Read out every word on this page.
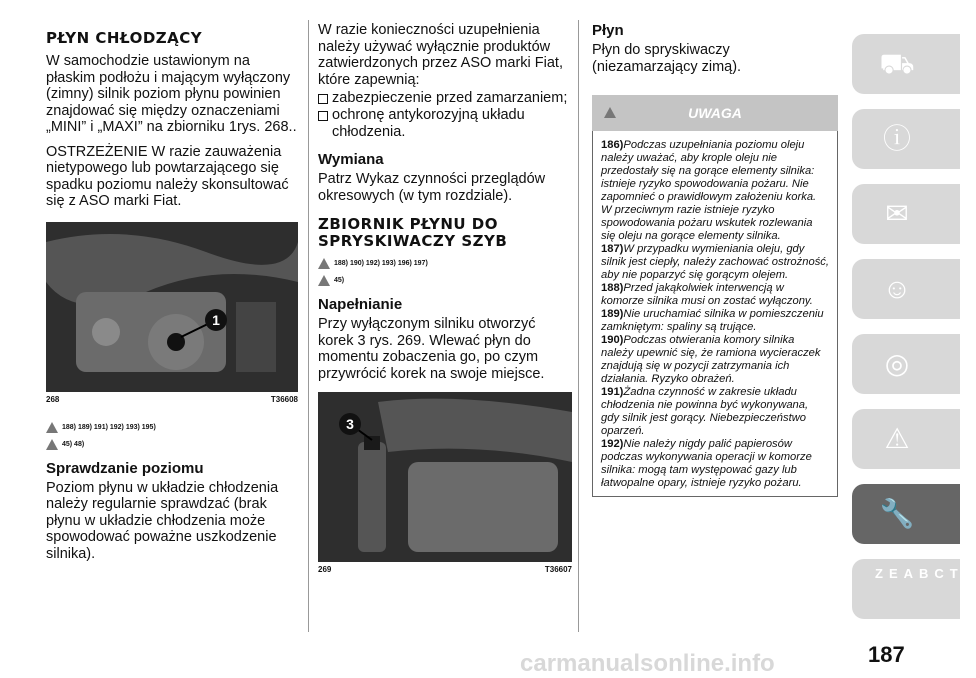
PŁYN CHŁODZĄCY

W samochodzie ustawionym na płaskim podłożu i mającym wyłączony (zimny) silnik poziom płynu powinien znajdować się między oznaczeniami „MINI” i „MAXI” na zbiorniku 1rys. 268..

OSTRZEŻENIE W razie zauważenia nietypowego lub powtarzającego się spadku poziomu należy skonsultować się z ASO marki Fiat.

1
268	T36608
188) 189) 191) 192) 193) 195)
45) 48)
Sprawdzanie poziomu

Poziom płynu w układzie chłodzenia należy regularnie sprawdzać (brak płynu w układzie chłodzenia może spowodować poważne uszkodzenie silnika).

W razie konieczności uzupełnienia należy używać wyłącznie produktów zatwierdzonych przez ASO marki Fiat, które zapewnią:

zabezpieczenie przed zamarzaniem;
ochronę antykorozyjną układu chłodzenia.
Wymiana

Patrz Wykaz czynności przeglądów okresowych (w tym rozdziale).

ZBIORNIK PŁYNU DO SPRYSKIWACZY SZYB
188) 190) 192) 193) 196) 197)
45)
Napełnianie

Przy wyłączonym silniku otworzyć korek 3 rys. 269. Wlewać płyn do momentu zobaczenia go, po czym przywrócić korek na swoje miejsce.

3
269	T36607
Płyn

Płyn do spryskiwaczy (niezamarzający zimą).

UWAGA
186)Podczas uzupełniania poziomu oleju należy uważać, aby krople oleju nie przedostały się na gorące elementy silnika: istnieje ryzyko spowodowania pożaru. Nie zapomnieć o prawidłowym założeniu korka. W przeciwnym razie istnieje ryzyko spowodowania pożaru wskutek rozlewania się oleju na gorące elementy silnika.
187)W przypadku wymieniania oleju, gdy silnik jest ciepły, należy zachować ostrożność, aby nie poparzyć się gorącym olejem.
188)Przed jakąkolwiek interwencją w komorze silnika musi on zostać wyłączony.
189)Nie uruchamiać silnika w pomieszczeniu zamkniętym: spaliny są trujące.
190)Podczas otwierania komory silnika należy upewnić się, że ramiona wycieraczek znajdują się w pozycji zatrzymania ich działania. Ryzyko obrażeń.
191)Żadna czynność w zakresie układu chłodzenia nie powinna być wykonywana, gdy silnik jest gorący. Niebezpieczeństwo oparzeń.
192)Nie należy nigdy palić papierosów podczas wykonywania operacji w komorze silnika: mogą tam występować gazy lub łatwopalne opary, istnieje ryzyko pożaru.
⛟
ⓘ
✉
☺
◎
⚠
🔧
Z E A B C T D
187
carmanualsonline.info
